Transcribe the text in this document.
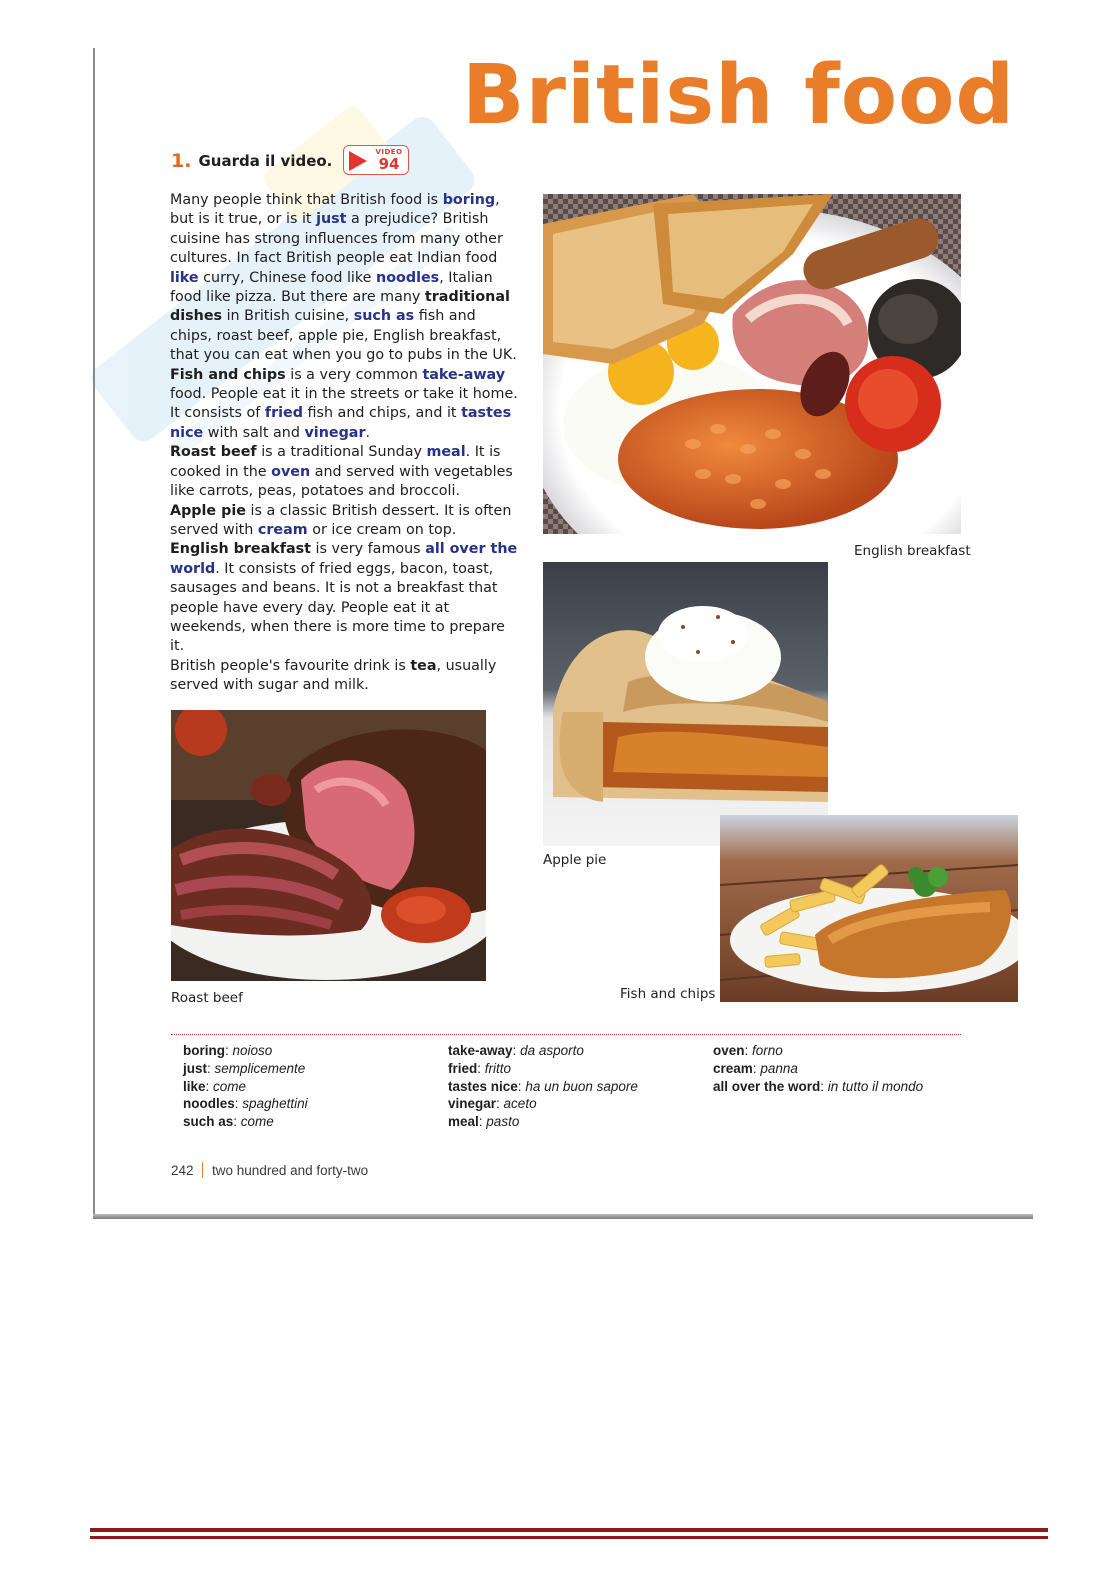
British food
1. Guarda il video.	VIDEO
94

Many people think that British food is boring, but is it true, or is it just a prejudice? British cuisine has strong influences from many other cultures. In fact British people eat Indian food like curry, Chinese food like noodles, Italian food like pizza. But there are many traditional dishes in British cuisine, such as fish and chips, roast beef, apple pie, English breakfast, that you can eat when you go to pubs in the UK.

Fish and chips is a very common take-away food. People eat it in the streets or take it home. It consists of fried fish and chips, and it tastes nice with salt and vinegar.

Roast beef is a traditional Sunday meal. It is cooked in the oven and served with vegetables like carrots, peas, potatoes and broccoli.

Apple pie is a classic British dessert. It is often served with cream or ice cream on top.

English breakfast is very famous all over the world. It consists of fried eggs, bacon, toast, sausages and beans. It is not a breakfast that people have every day. People eat it at weekends, when there is more time to prepare it.

British people's favourite drink is tea, usually served with sugar and milk.

English breakfast
Apple pie
Roast beef	Fish and chips
boring: noioso
just: semplicemente
like: come
noodles: spaghettini
such as: come
take-away: da asporto
fried: fritto
tastes nice: ha un buon sapore
vinegar: aceto
meal: pasto
oven: forno
cream: panna
all over the word: in tutto il mondo
242 two hundred and forty-two
